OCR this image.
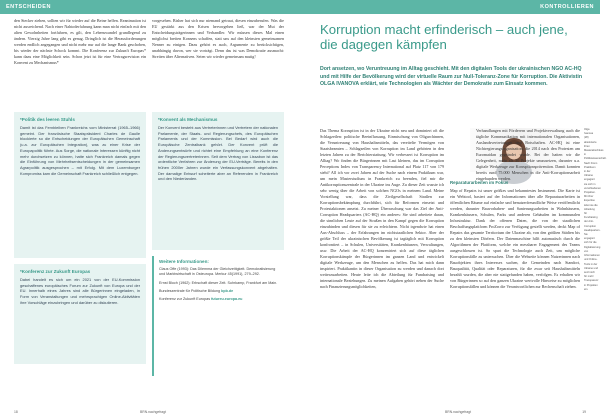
ENTSCHEIDEN

den Stecker ziehen, sollten wir für wieder auf die Beine helfen. Reanimation ist nicht ausreichend. Nach einer Nahtoderfahrung kann man nicht einfach mit den alten Gewohnheiten fortfahren, es gilt, den Lebenswandel grundlegend zu ändern. Vierzig Jahre lang gibt es genug. Dringlich ist die Herausforderungen werden endlich angegangen und nicht mehr nur auf die lange Bank geschoben, bis wieder der nächste Schock kommt. Die Konferenz zur Zukunft Europas* kann dazu eine Möglichkeit sein. Schon jetzt ist für eine Vertragsrevision ein Konvent zu Mechanismus*

vorgesehen. Bisher hat sich nur niemand getraut, diesen einzuberufen. Was die EU gestärkt aus den Krisen hervorgehen ließ, war der Mut der Entscheidungsträgerinnen und Verhandler. Wir müssen dieses Mal einen möglichst breiten Konsens schaffen, statt uns auf den kleinsten gemeinsamen Nenner zu einigen. Dazu gehört es auch, Argumente zu berücksichtigen, unabhängig davon, wer sie vorträgt. Denn das ist was Demokratie ausmacht: Streiten über Alternativen. Seien wir wieder gemeinsam mutig!

*Politik des leeren Stuhls
Damit ist das Fernbleiben Frankreichs vom Ministerrat (1965–1966) gemeint. Der französische Staatspräsident Charles de Gaulle blockierte so die Entscheidungen der Europäischen Gemeinschaft (u.a. zur Europäischen Integration), was zu einer Krise der Europapolitik führte. Aus Sorge, die nationale Interessen künftig nicht mehr durchsetzen zu können, hatte sich Frankreich damals gegen die Einführung von Mehrheitsentscheidungen in der gemeinsamen Agrarpolitik ausgesprochen – mit Erfolg. Mit dem Luxemburger Kompromiss kam die Gemeinschaft Frankreich schließlich entgegen.
*Konvent als Mechanismus
Der Konvent besteht aus Vertreterinnen und Vertretern der nationalen Parlamente, der Staats- und Regierungschefs, des Europäischen Parlaments und der Kommission. Bei Bedarf wird auch die Europäische Zentralbank gehört. Der Konvent prüft die Änderungsentwürfe und richtet eine Empfehlung an eine Konferenz der Regierungsvertreterinnen. Seit dem Vertrag von Lissabon ist das ordentliche Verfahren zur Änderung der EU-Verträge. Bereits in den frühen 2000er Jahren wurde ein Verfassungskonvent abgehalten. Der damalige Entwurf scheiterte aber an Referenden in Frankreich und den Niederlanden.
*Konferenz zur Zukunft Europas
Dabei handelt es sich um ein 2021 von der EU-Kommission geschaffenes europäisches Forum zur Zukunft von Europa und der EU. Innerhalb eines Jahres sind alle Bürgerinnen eingeladen, in Form von Veranstaltungen und mehrsprachigen Online-Aktivitäten ihre Vorschläge einzubringen und darüber zu diskutieren.
Weitere Informationen:
Claus Offe (1993): Das Dilemma der Gleichzeitigkeit. Demokratisierung und Marktwirtschaft in Osteuropa. Merkur 45(1991), 279–292.
Ernst Bloch (1962): Erbschaft dieser Zeit. Suhrkamp, Frankfurt am Main.
Bundeszentrale für Politische Bildung bpb.de
Konferenz zur Zukunft Europas futureu.europa.eu
18	BRN.nachgefragt
KONTROLLIEREN
Korruption macht erfinderisch – auch jene, die dagegen kämpfen
Dort ansetzen, wo Veruntreuung im Alltag geschieht. Mit den digitalen Tools der ukrainischen NGO AC-HQ und mit Hilfe der Bevölkerung wird der virtuelle Raum zur Null-Toleranz-Zone für Korruption. Die Aktivistin OLGA IVANOVA erklärt, wie Technologien als Wächter der Demokratie zum Einsatz kommen.

Das Thema Korruption ist in der Ukraine nicht neu und dominiert oft die Schlagzeilen: politische Beeinflussung, Einmischung von Oligarchinnen, die Veruntreuung von Haushaltsmitteln, das vereitelte Vermögen von Staatsbeamten – Schlagzeilen von Korruption im Land gehörten in den letzten Jahren zu der Berichterstattung. Wir verbessert ist Korruption im Alltag? Wo finden die Bürgerinnen mit Last kleinen, das im Corruption Perceptions Index von Transparency International auf Platz 117 von 179 steht? All ich vor zwei Jahren auf der Suche nach einem Praktikum war, um mein Masterstudium in Frankreich zu beenden, fiel mir die Antikorruptionszentrale in der Ukraine ins Auge. Zu dieser Zeit wusste ich sehr wenig über die Arbeit von solchen NGOs in meinem Land. Meine Vorstellung war, dass die Zivilgesellschaft Straßen zur Korruptionsbekämpfung durchführt, sich für Reformen einsetzt und Protestaktionen ansetzt. Zu meiner Überraschung war das Ziel der Anti-Corruption Headquarters (AC-HQ) ein anderes: Sie sind arbeitete daran, die sinnlichen Leute auf der Straßen in den Kampf gegen die Korruption einzubinden und diesen für sie zu erleichtern. Nicht irgendwie hat einen Aus-Abschluss – der Erfahrungen im nichtstaatlichen Sektor. Aber der größte Teil der ukrainischen Bevölkerung ist tagtäglich mit Korruption konfrontiert – in Schulen, Universitäten, Krankenhäusern, Verwaltungen, usw. Die Arbeit der AC-HQ konzentriert sich auf diese täglichen Korruptionskämpfe der Bürgerinnen im ganzen Land und entwickelt digitale Werkzeuge, um den Menschen zu helfen. Das hat mich dann inspiriert. Praktikantin in dieser Organisation zu werden und danach dort weiterzuarbeiten. Heute leite ich die Abteilung für Fundraising und internationale Beziehungen. Zu meinen Aufgaben gehört neben der Suche nach Finanzierungsmöglichkeiten,

Verhandlungen mit Förderern und Projektverwaltung auch die tägliche Kommunikation mit internationalen Organisationen, Auslandsvertretungen und Botschaften. AC-HQ ist eine Nichtregierungsorganisation, die 2014 nach den Protesten am Euromaidan gegründet wurde. Bei der hatten wir die Gelegenheit, mehr als 30 Projekte umzusetzen, darunter u.a. digitale Werkzeuge zur Korruptionsprävention. Damit konnten bereits rund 75.000 Menschen in die Anti-Korruptionsarbeit eingebunden werden.

Reparaturarbeiten im Fokus

Map of Repairs ist unser größtes und bekanntestes Instrument. Die Karte ist ein Webtool, basiert auf der Informationen über alle Reparaturarbeiten in öffentlichen Räume auf einfache und benutzerfreundliche Weise veröffentlicht werden, darunter Bauvorhaben- und Sanierungsarbeiten in Wohnhäusern, Krankenhäusern, Schulen, Parks und anderen Gebäuden im kommunalen Infrastruktur. Dank der offenen Daten, die von der staatlichen Beschaffungsplattform ProZorro zur Verfügung gestellt werden, deckt Map of Repairs das gesamte Territorium der Ukraine ab, von den größten Städten bis zu den kleinsten Dörfern. Der Datenmaschine hilft automatisch durch die Algorithmen der Plattform, welche ein messbarer Engagement des Teams ausgeschlossen ist. So spart die Technologie auch Zeit, um mögliche Korruptionsfälle zu untersuchen. Über die Webseite können Nutzerinnen nach Bauobjekten ihres Interesses suchen, die Gemeinden nach Standort, Bauqualität, Qualität oder Reparaturen, für die zwar seit Haushaltsmitteln bezahlt wurden, die aber nie stattgefunden haben, verfolgen. Es erhalten wir von Bürgerinnen so auf den ganzen Ukraine wertvolle Hinweise zu möglichen Korruptionsfällen und können die Verantwortlichen zur Rechenschaft ziehen.

BRN.nachgefragt	19
Olga Ivanova (28) absolvierte ihren Masterabschluss in Politikwissenschaft. Nach ihrem Praktikum in der Ukraine engagiert sie sich in verschiedenen Projekten. Mit ihrer Expertise leitet sie die Abteilung für Fundraising der Anti-Corruption Headquarters. Sie engagiert sich für die Digitalisierung von Informationen und Online-Tools in der Ukraine und setzt sich für mehr Transparenz in Projekten ein.
